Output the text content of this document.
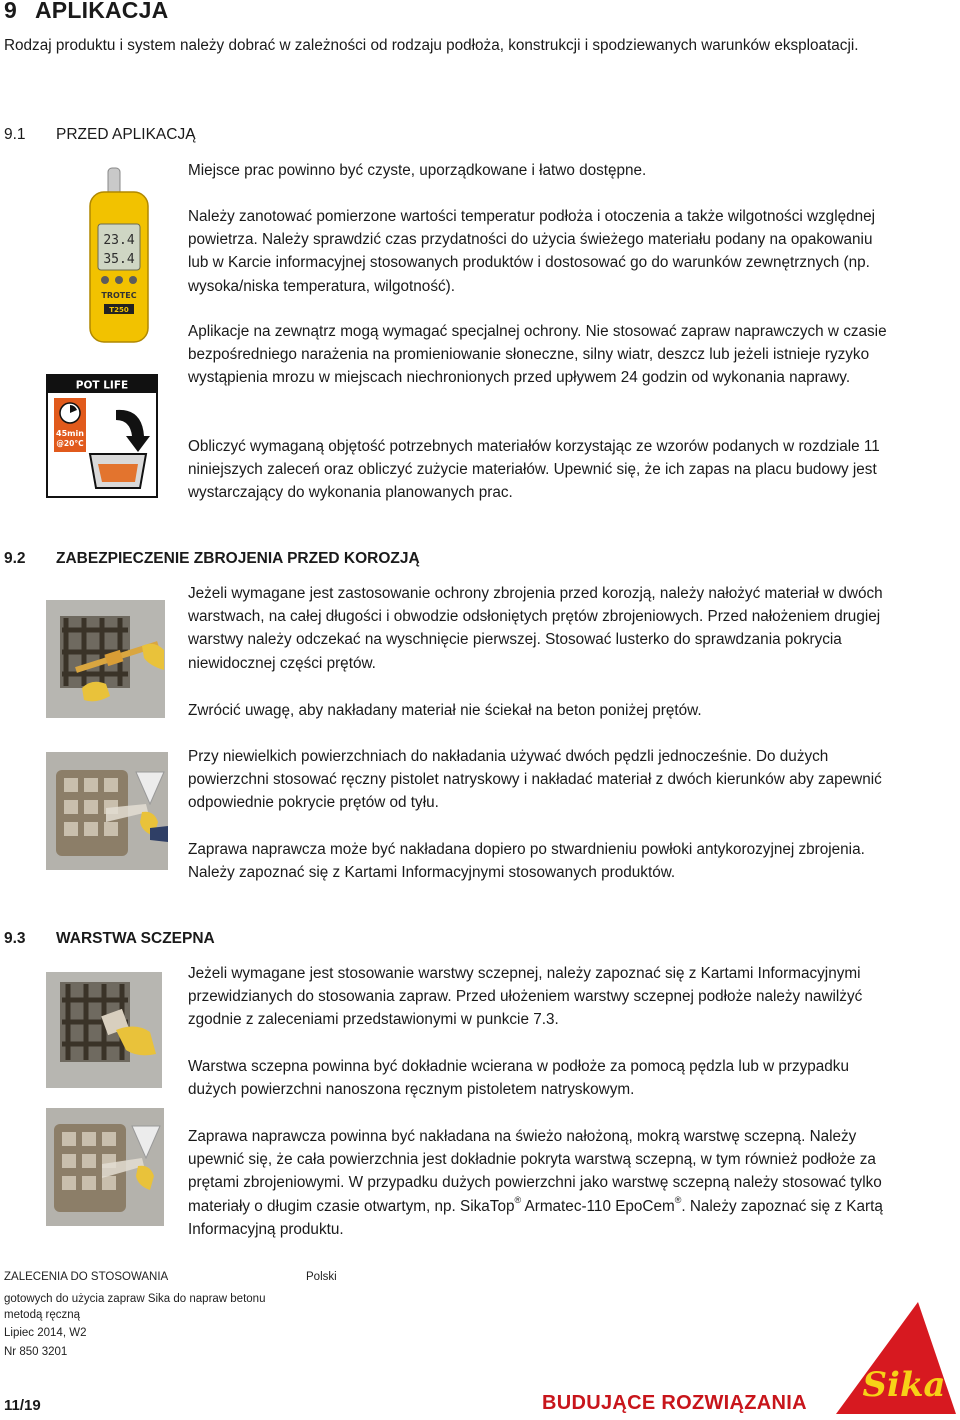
9 APLIKACJA
Rodzaj produktu i system należy dobrać w zależności od rodzaju podłoża, konstrukcji i spodziewanych warunków eksploatacji.
9.1 PRZED APLIKACJĄ
Miejsce prac powinno być czyste, uporządkowane i łatwo dostępne.
Należy zanotować pomierzone wartości temperatur podłoża i otoczenia a także wilgotności względnej powietrza. Należy sprawdzić czas przydatności do użycia świeżego materiału podany na opakowaniu lub w Karcie informacyjnej stosowanych produktów i dostosować go do warunków zewnętrznych (np. wysoka/niska temperatura, wilgotność).
Aplikacje na zewnątrz mogą wymagać specjalnej ochrony. Nie stosować zapraw naprawczych w czasie bezpośredniego narażenia na promieniowanie słoneczne, silny wiatr, deszcz lub jeżeli istnieje ryzyko wystąpienia mrozu w miejscach niechronionych przed upływem 24 godzin od wykonania naprawy.
Obliczyć wymaganą objętość potrzebnych materiałów korzystając ze wzorów podanych w rozdziale 11 niniejszych zaleceń oraz obliczyć zużycie materiałów. Upewnić się, że ich zapas na placu budowy jest wystarczający do wykonania planowanych prac.
23.4
35.4
TROTEC
T250
POT LIFE
45min
@20°C
9.2 ZABEZPIECZENIE ZBROJENIA PRZED KOROZJĄ
Jeżeli wymagane jest zastosowanie ochrony zbrojenia przed korozją, należy nałożyć materiał w dwóch warstwach, na całej długości i obwodzie odsłoniętych prętów zbrojeniowych. Przed nałożeniem drugiej warstwy należy odczekać na wyschnięcie pierwszej. Stosować lusterko do sprawdzania pokrycia niewidocznej części prętów.
Zwrócić uwagę, aby nakładany materiał nie ściekał na beton poniżej prętów.
Przy niewielkich powierzchniach do nakładania używać dwóch pędzli jednocześnie. Do dużych powierzchni stosować ręczny pistolet natryskowy i nakładać materiał z dwóch kierunków aby zapewnić odpowiednie pokrycie prętów od tyłu.
Zaprawa naprawcza może być nakładana dopiero po stwardnieniu powłoki antykorozyjnej zbrojenia. Należy zapoznać się z Kartami Informacyjnymi stosowanych produktów.
9.3 WARSTWA SCZEPNA
Jeżeli wymagane jest stosowanie warstwy sczepnej, należy zapoznać się z Kartami Informacyjnymi przewidzianych do stosowania zapraw. Przed ułożeniem warstwy sczepnej podłoże należy nawilżyć zgodnie z zaleceniami przedstawionymi w punkcie 7.3.
Warstwa sczepna powinna być dokładnie wcierana w podłoże za pomocą pędzla lub w przypadku dużych powierzchni nanoszona ręcznym pistoletem natryskowym.
Zaprawa naprawcza powinna być nakładana na świeżo nałożoną, mokrą warstwę sczepną. Należy upewnić się, że cała powierzchnia jest dokładnie pokryta warstwą sczepną, w tym również podłoże za prętami zbrojeniowymi. W przypadku dużych powierzchni jako warstwę sczepną należy stosować tylko materiały o długim czasie otwartym, np. SikaTop® Armatec-110 EpoCem®. Należy zapoznać się z Kartą Informacyjną produktu.
ZALECENIA DO STOSOWANIA	Polski
gotowych do użycia zapraw Sika do napraw betonu metodą ręczną
Lipiec 2014, W2
Nr 850 3201
11/19	BUDUJĄCE ROZWIĄZANIA Sika
